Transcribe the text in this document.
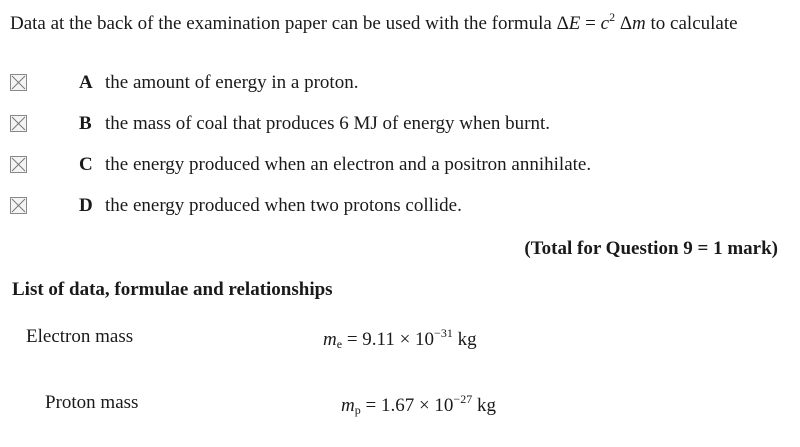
Data at the back of the examination paper can be used with the formula $\Delta E = c^2$ Δm to calculate
A the amount of energy in a proton.
B the mass of coal that produces 6 MJ of energy when burnt.
C the energy produced when an electron and a positron annihilate.
D the energy produced when two protons collide.
(Total for Question 9 = 1 mark)
List of data, formulae and relationships
Electron mass	$m_e = 9.11 \times 10^{-31}$ kg
Proton mass	$m_p = 1.67 \times 10^{-27}$ kg
